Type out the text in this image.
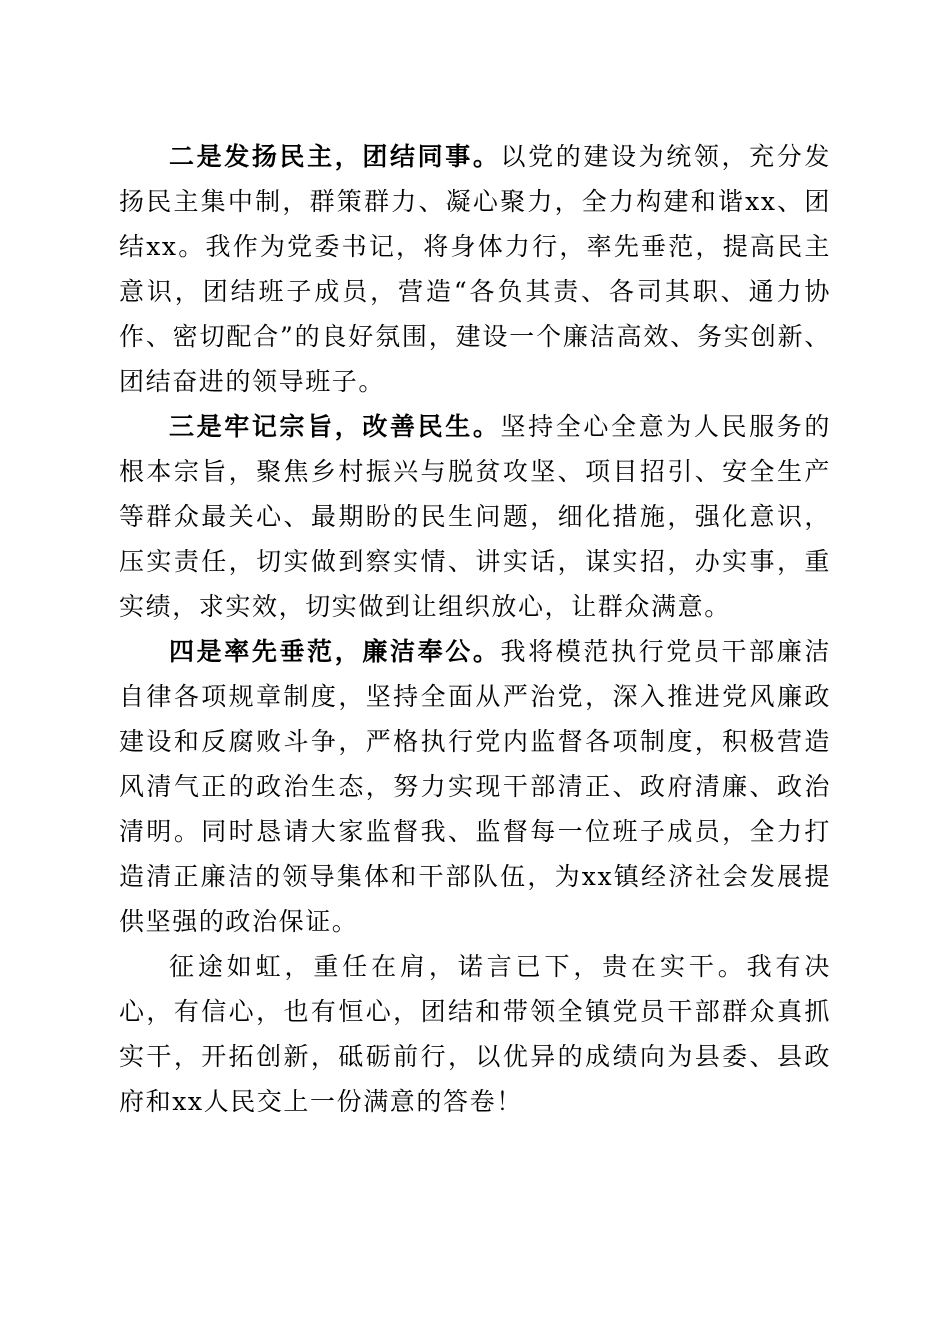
二是发扬民主，团结同事。以党的建设为统领，充分发扬民主集中制，群策群力、凝心聚力，全力构建和谐xx、团结xx。我作为党委书记，将身体力行，率先垂范，提高民主意识，团结班子成员，营造“各负其责、各司其职、通力协作、密切配合”的良好氛围，建设一个廉洁高效、务实创新、团结奋进的领导班子。

三是牢记宗旨，改善民生。坚持全心全意为人民服务的根本宗旨，聚焦乡村振兴与脱贫攻坚、项目招引、安全生产等群众最关心、最期盼的民生问题，细化措施，强化意识，压实责任，切实做到察实情、讲实话，谋实招，办实事，重实绩，求实效，切实做到让组织放心，让群众满意。

四是率先垂范，廉洁奉公。我将模范执行党员干部廉洁自律各项规章制度，坚持全面从严治党，深入推进党风廉政建设和反腐败斗争，严格执行党内监督各项制度，积极营造风清气正的政治生态，努力实现干部清正、政府清廉、政治清明。同时恳请大家监督我、监督每一位班子成员，全力打造清正廉洁的领导集体和干部队伍，为xx镇经济社会发展提供坚强的政治保证。

征途如虹，重任在肩，诺言已下，贵在实干。我有决心，有信心，也有恒心，团结和带领全镇党员干部群众真抓实干，开拓创新，砥砺前行，以优异的成绩向为县委、县政府和xx人民交上一份满意的答卷！
